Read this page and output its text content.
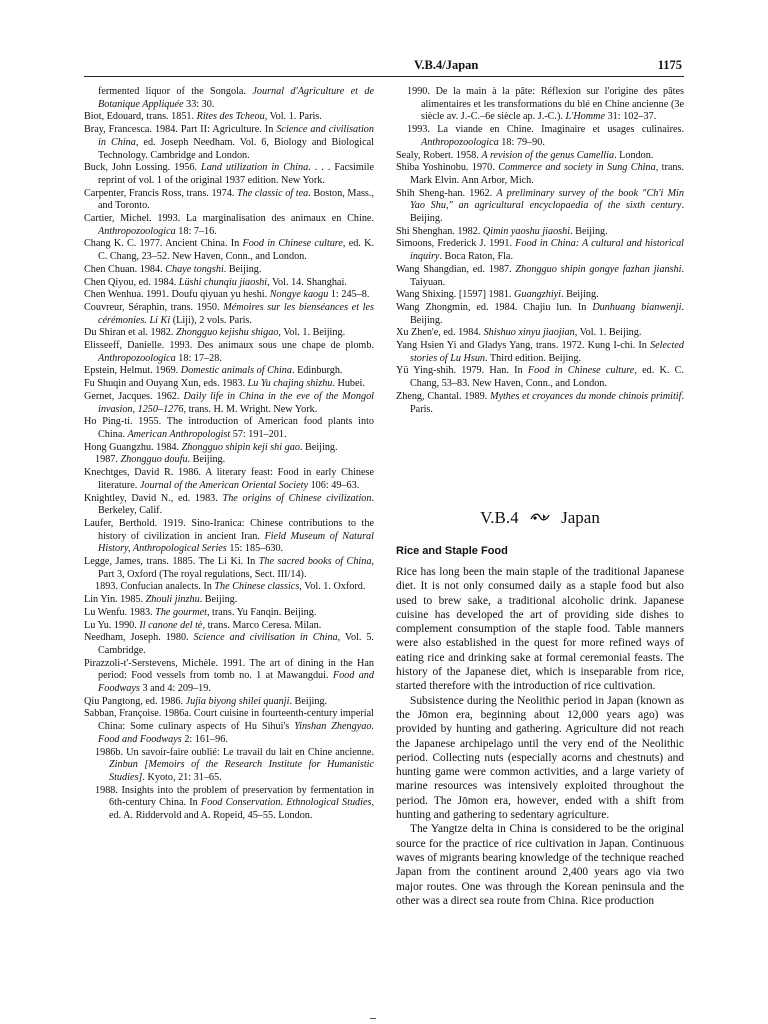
V.B.4/Japan	1175

fermented liquor of the Songola. Journal d'Agriculture et de Botanique Appliquée 33: 30.

Biot, Edouard, trans. 1851. Rites des Tcheou, Vol. 1. Paris.

Bray, Francesca. 1984. Part II: Agriculture. In Science and civilisation in China, ed. Joseph Needham. Vol. 6, Biology and Biological Technology. Cambridge and London.

Buck, John Lossing. 1956. Land utilization in China. . . . Facsimile reprint of vol. 1 of the original 1937 edition. New York.

Carpenter, Francis Ross, trans. 1974. The classic of tea. Boston, Mass., and Toronto.

Cartier, Michel. 1993. La marginalisation des animaux en Chine. Anthropozoologica 18: 7–16.

Chang K. C. 1977. Ancient China. In Food in Chinese culture, ed. K. C. Chang, 23–52. New Haven, Conn., and London.

Chen Chuan. 1984. Chaye tongshi. Beijing.

Chen Qiyou, ed. 1984. Lüshi chunqiu jiaoshi, Vol. 14. Shanghai.

Chen Wenhua. 1991. Doufu qiyuan yu heshi. Nongye kaogu 1: 245–8.

Couvreur, Séraphin, trans. 1950. Mémoires sur les bienséances et les cérémonies. Li Ki (Liji), 2 vols. Paris.

Du Shiran et al. 1982. Zhongguo kejishu shigao, Vol. 1. Beijing.

Elisseeff, Danielle. 1993. Des animaux sous une chape de plomb. Anthropozoologica 18: 17–28.

Epstein, Helmut. 1969. Domestic animals of China. Edinburgh.

Fu Shuqin and Ouyang Xun, eds. 1983. Lu Yu chajing shizhu. Hubei.

Gernet, Jacques. 1962. Daily life in China in the eve of the Mongol invasion, 1250–1276, trans. H. M. Wright. New York.

Ho Ping-ti. 1955. The introduction of American food plants into China. American Anthropologist 57: 191–201.

Hong Guangzhu. 1984. Zhongguo shipin keji shi gao. Beijing.

1987. Zhongguo doufu. Beijing.

Knechtges, David R. 1986. A literary feast: Food in early Chinese literature. Journal of the American Oriental Society 106: 49–63.

Knightley, David N., ed. 1983. The origins of Chinese civilization. Berkeley, Calif.

Laufer, Berthold. 1919. Sino-Iranica: Chinese contributions to the history of civilization in ancient Iran. Field Museum of Natural History, Anthropological Series 15: 185–630.

Legge, James, trans. 1885. The Li Ki. In The sacred books of China, Part 3, Oxford (The royal regulations, Sect. III/14).

1893. Confucian analects. In The Chinese classics, Vol. 1. Oxford.

Lin Yin. 1985. Zhouli jinzhu. Beijing.

Lu Wenfu. 1983. The gourmet, trans. Yu Fanqin. Beijing.

Lu Yu. 1990. Il canone del tè, trans. Marco Ceresa. Milan.

Needham, Joseph. 1980. Science and civilisation in China, Vol. 5. Cambridge.

Pirazzoli-t'-Serstevens, Michèle. 1991. The art of dining in the Han period: Food vessels from tomb no. 1 at Mawangdui. Food and Foodways 3 and 4: 209–19.

Qiu Pangtong, ed. 1986. Jujia biyong shilei quanji. Beijing.

Sabban, Françoise. 1986a. Court cuisine in fourteenth-century imperial China: Some culinary aspects of Hu Sihui's Yinshan Zhengyao. Food and Foodways 2: 161–96.

1986b. Un savoir-faire oublié: Le travail du lait en Chine ancienne. Zinbun [Memoirs of the Research Institute for Humanistic Studies]. Kyoto, 21: 31–65.

1988. Insights into the problem of preservation by fermentation in 6th-century China. In Food Conservation. Ethnological Studies, ed. A. Riddervold and A. Ropeid, 45–55. London.

1990. De la main à la pâte: Réflexion sur l'origine des pâtes alimentaires et les transformations du blé en Chine ancienne (3e siècle av. J.-C.–6e siècle ap. J.-C.). L'Homme 31: 102–37.

1993. La viande en Chine. Imaginaire et usages culinaires. Anthropozoologica 18: 79–90.

Sealy, Robert. 1958. A revision of the genus Camellia. London.

Shiba Yoshinobu. 1970. Commerce and society in Sung China, trans. Mark Elvin. Ann Arbor, Mich.

Shih Sheng-han. 1962. A preliminary survey of the book "Ch'i Min Yao Shu," an agricultural encyclopaedia of the sixth century. Beijing.

Shi Shenghan. 1982. Qimin yaoshu jiaoshi. Beijing.

Simoons, Frederick J. 1991. Food in China: A cultural and historical inquiry. Boca Raton, Fla.

Wang Shangdian, ed. 1987. Zhongguo shipin gongye fazhan jianshi. Taiyuan.

Wang Shixing. [1597] 1981. Guangzhiyi. Beijing.

Wang Zhongmin, ed. 1984. Chajiu lun. In Dunhuang bianwenji. Beijing.

Xu Zhen'e, ed. 1984. Shishuo xinyu jiaojian, Vol. 1. Beijing.

Yang Hsien Yi and Gladys Yang, trans. 1972. Kung I-chi. In Selected stories of Lu Hsun. Third edition. Beijing.

Yü Ying-shih. 1979. Han. In Food in Chinese culture, ed. K. C. Chang, 53–83. New Haven, Conn., and London.

Zheng, Chantal. 1989. Mythes et croyances du monde chinois primitif. Paris.

V.B.4	Japan
Rice and Staple Food

Rice has long been the main staple of the traditional Japanese diet. It is not only consumed daily as a staple food but also used to brew sake, a traditional alcoholic drink. Japanese cuisine has developed the art of providing side dishes to complement consumption of the staple food. Table manners were also established in the quest for more refined ways of eating rice and drinking sake at formal ceremonial feasts. The history of the Japanese diet, which is inseparable from rice, started therefore with the introduction of rice cultivation.

Subsistence during the Neolithic period in Japan (known as the Jōmon era, beginning about 12,000 years ago) was provided by hunting and gathering. Agriculture did not reach the Japanese archipelago until the very end of the Neolithic period. Collecting nuts (especially acorns and chestnuts) and hunting game were common activities, and a large variety of marine resources was intensively exploited throughout the period. The Jōmon era, however, ended with a shift from hunting and gathering to sedentary agriculture.

The Yangtze delta in China is considered to be the original source for the practice of rice cultivation in Japan. Continuous waves of migrants bearing knowledge of the technique reached Japan from the continent around 2,400 years ago via two major routes. One was through the Korean peninsula and the other was a direct sea route from China. Rice production
